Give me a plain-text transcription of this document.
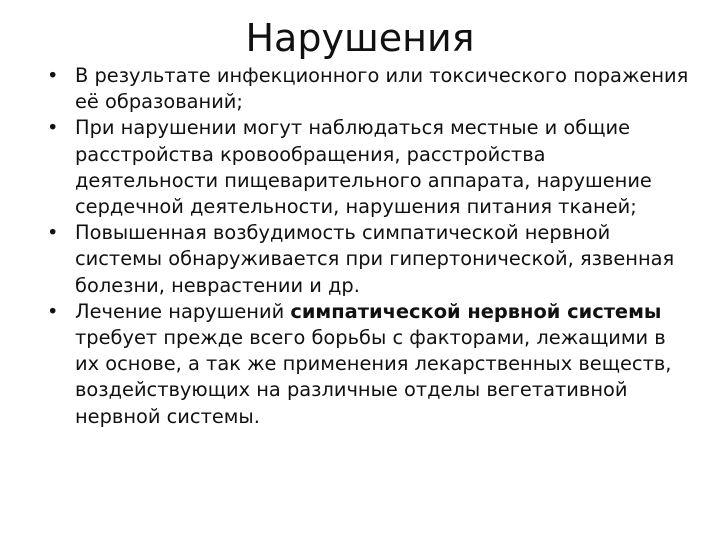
Нарушения
• В результате инфекционного или токсического поражения её образований;
• При нарушении могут наблюдаться местные и общие расстройства кровообращения, расстройства деятельности пищеварительного аппарата, нарушение сердечной деятельности, нарушения питания тканей;
• Повышенная возбудимость симпатической нервной системы обнаруживается при гипертонической, язвенная болезни, неврастении и др.
• Лечение нарушений симпатической нервной системы требует прежде всего борьбы с факторами, лежащими в их основе, а так же применения лекарственных веществ, воздействующих на различные отделы вегетативной нервной системы.
